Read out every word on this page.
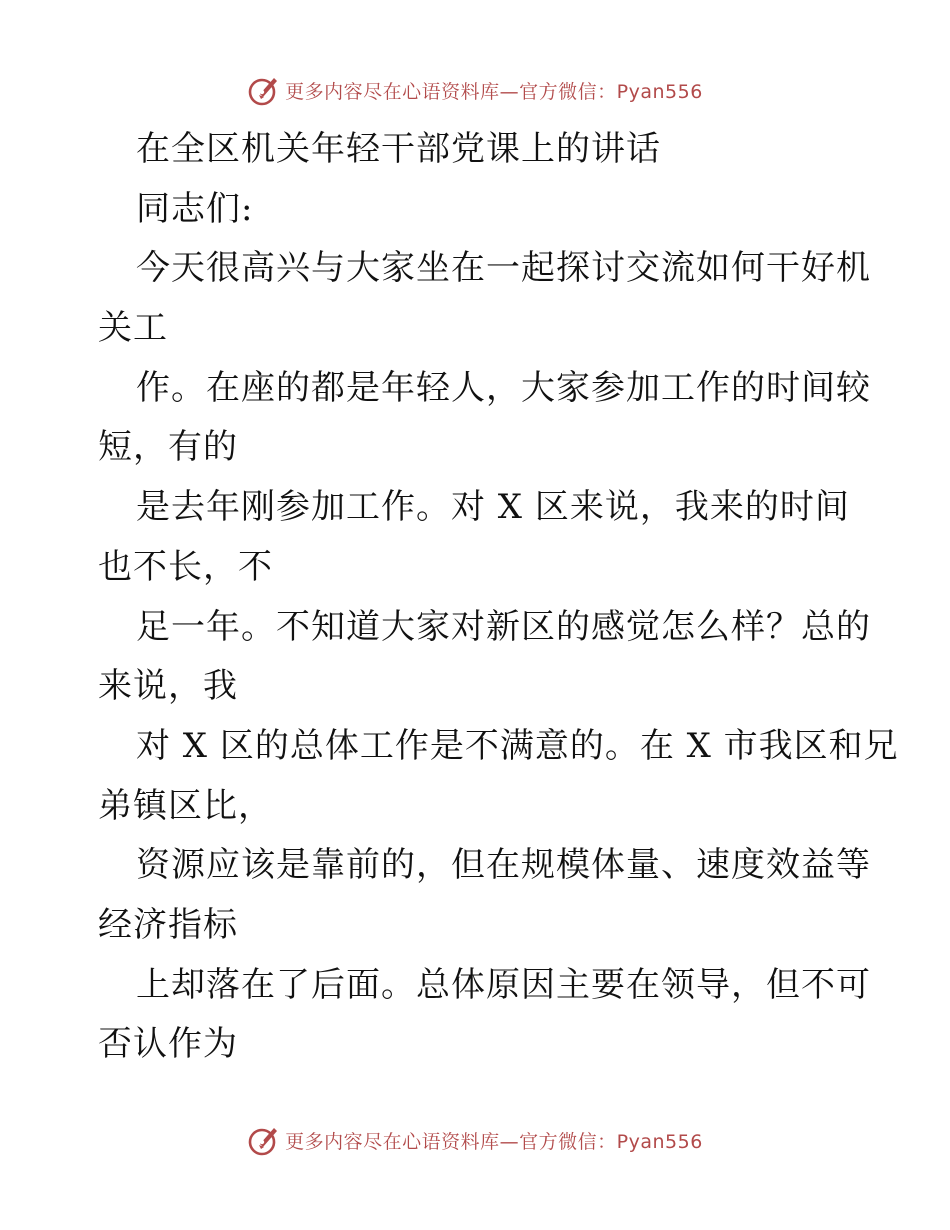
更多内容尽在心语资料库—官方微信：Pyan556
在全区机关年轻干部党课上的讲话
同志们:
今天很高兴与大家坐在一起探讨交流如何干好机
关工
作。在座的都是年轻人，大家参加工作的时间较
短，有的
是去年刚参加工作。对 X 区来说，我来的时间
也不长，不
足一年。不知道大家对新区的感觉怎么样？总的
来说，我
对 X 区的总体工作是不满意的。在 X 市我区和兄
弟镇区比，
资源应该是靠前的，但在规模体量、速度效益等
经济指标
上却落在了后面。总体原因主要在领导，但不可
否认作为
更多内容尽在心语资料库—官方微信：Pyan556
